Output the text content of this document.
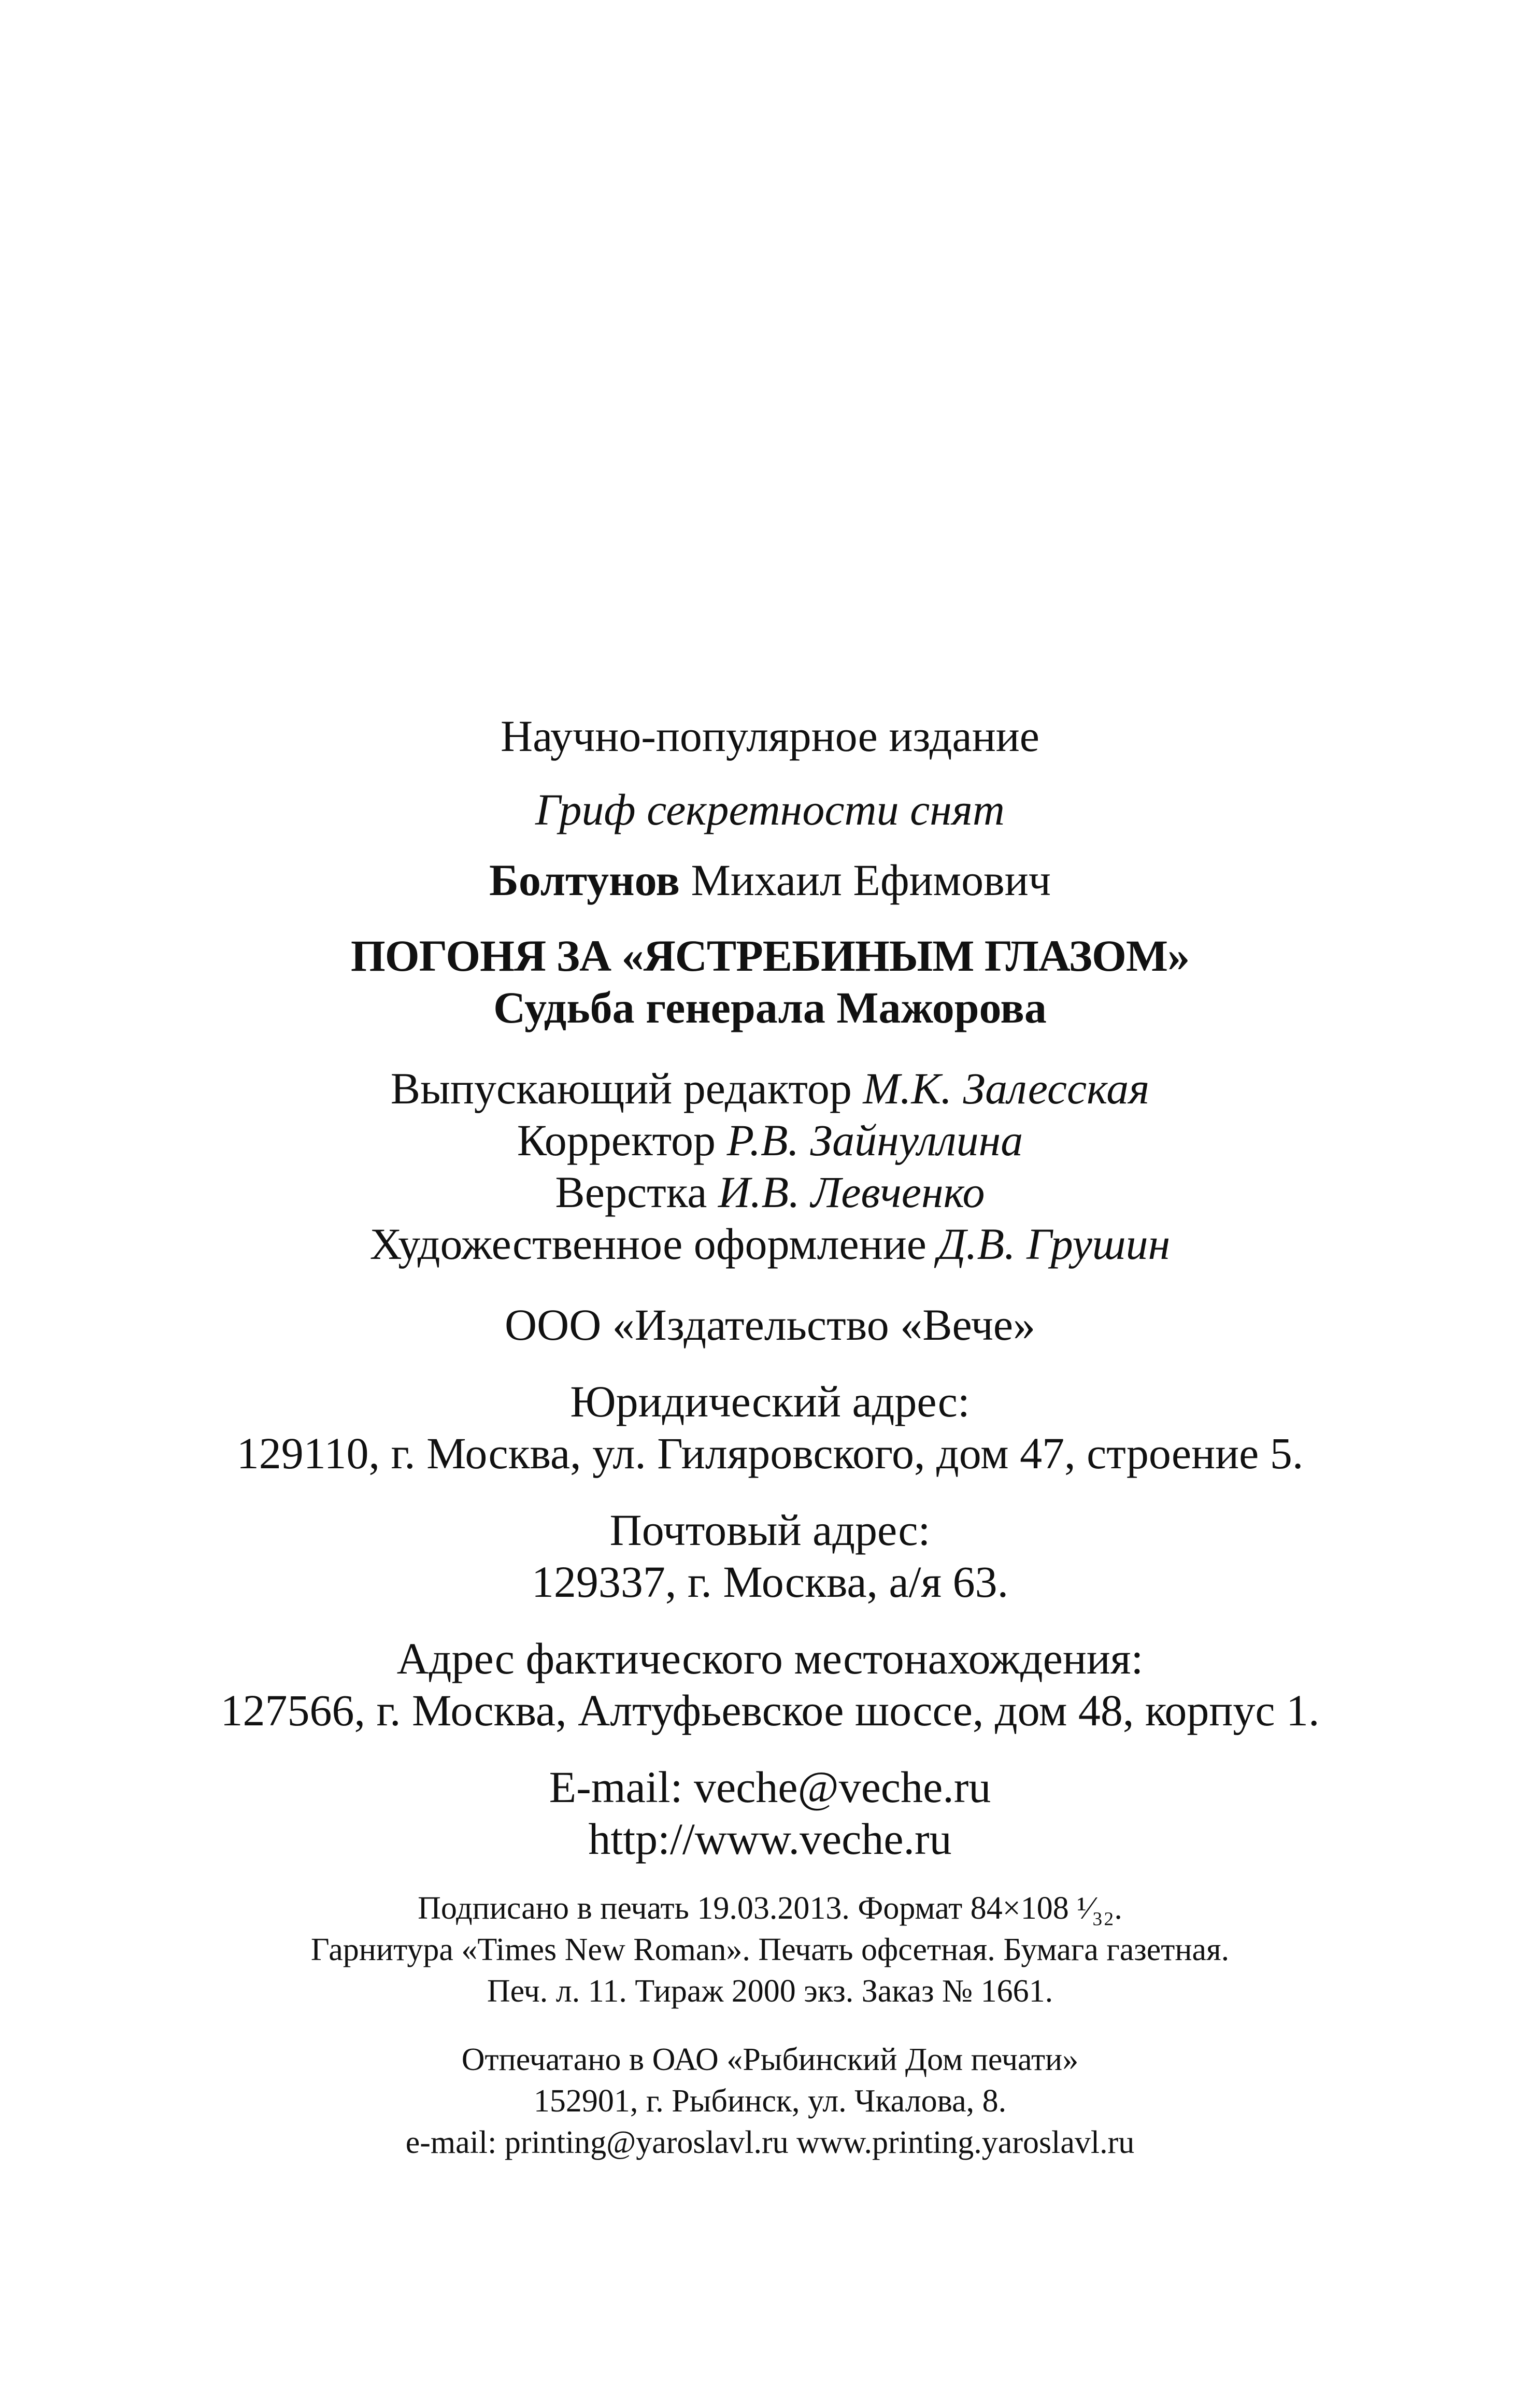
Научно-популярное издание
Гриф секретности снят
Болтунов Михаил Ефимович
ПОГОНЯ ЗА «ЯСТРЕБИНЫМ ГЛАЗОМ»
Судьба генерала Мажорова
Выпускающий редактор М.К. Залесская
Корректор Р.В. Зайнуллина
Верстка И.В. Левченко
Художественное оформление Д.В. Грушин
ООО «Издательство «Вече»
Юридический адрес:
129110, г. Москва, ул. Гиляровского, дом 47, строение 5.
Почтовый адрес:
129337, г. Москва, а/я 63.
Адрес фактического местонахождения:
127566, г. Москва, Алтуфьевское шоссе, дом 48, корпус 1.
E-mail: veche@veche.ru
http://www.veche.ru
Подписано в печать 19.03.2013. Формат 84×108 ¹⁄₃₂.
Гарнитура «Times New Roman». Печать офсетная. Бумага газетная.
Печ. л. 11. Тираж 2000 экз. Заказ № 1661.
Отпечатано в ОАО «Рыбинский Дом печати»
152901, г. Рыбинск, ул. Чкалова, 8.
e-mail: printing@yaroslavl.ru www.printing.yaroslavl.ru
